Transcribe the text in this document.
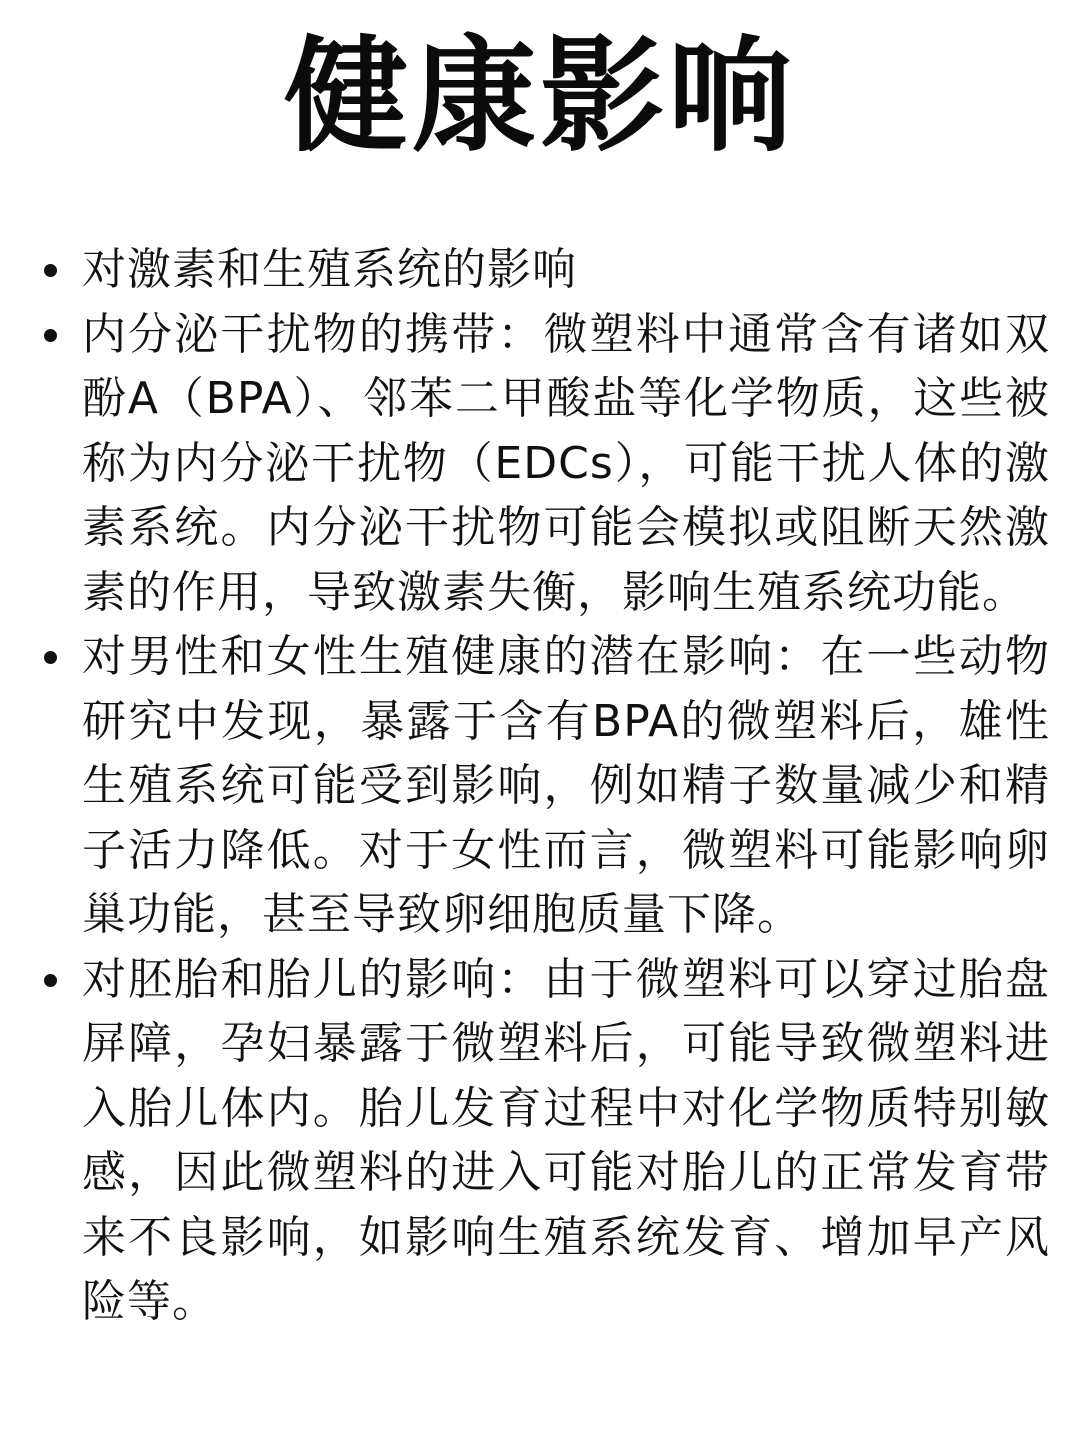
健康影响
对激素和生殖系统的影响
内分泌干扰物的携带：微塑料中通常含有诸如双酚A（BPA）、邻苯二甲酸盐等化学物质，这些被称为内分泌干扰物（EDCs），可能干扰人体的激素系统。内分泌干扰物可能会模拟或阻断天然激素的作用，导致激素失衡，影响生殖系统功能。
对男性和女性生殖健康的潜在影响：在一些动物研究中发现，暴露于含有BPA的微塑料后，雄性生殖系统可能受到影响，例如精子数量减少和精子活力降低。对于女性而言，微塑料可能影响卵巢功能，甚至导致卵细胞质量下降。
对胚胎和胎儿的影响：由于微塑料可以穿过胎盘屏障，孕妇暴露于微塑料后，可能导致微塑料进入胎儿体内。胎儿发育过程中对化学物质特别敏感，因此微塑料的进入可能对胎儿的正常发育带来不良影响，如影响生殖系统发育、增加早产风险等。
